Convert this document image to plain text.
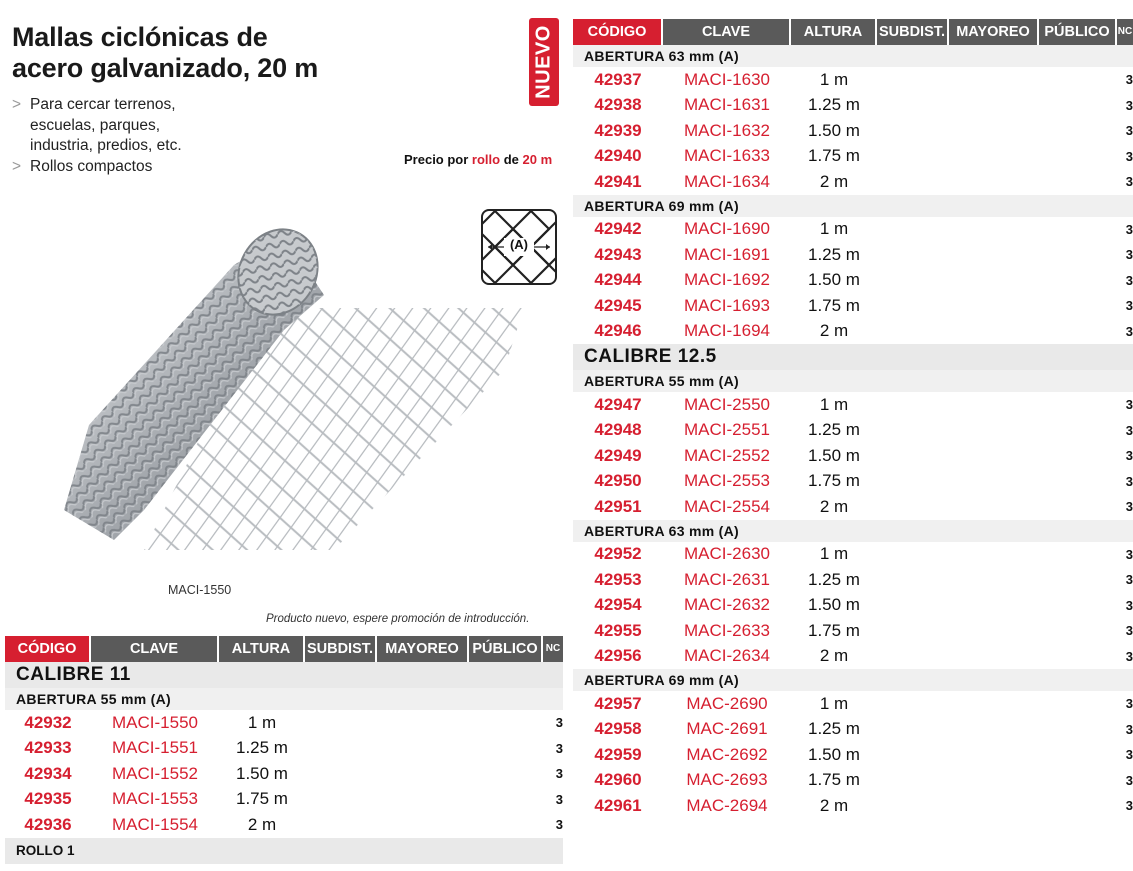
Mallas ciclónicas de
acero galvanizado, 20 m
> Para cercar terrenos,
escuelas, parques,
industria, predios, etc.
> Rollos compactos
NUEVO
Precio por rollo de 20 m
(A)
MACI-1550
Producto nuevo, espere promoción de introducción.
CÓDIGO	CLAVE	ALTURA	SUBDIST. MAYOREO PÚBLICO NC
CALIBRE 11
ABERTURA 55 mm (A)
42932	MACI-1550	1 m	3
42933	MACI-1551	1.25 m	3
42934	MACI-1552	1.50 m	3
42935	MACI-1553	1.75 m	3
42936	MACI-1554	2 m	3
ROLLO 1
CÓDIGO	CLAVE	ALTURA	SUBDIST. MAYOREO	PÚBLICO NC
ABERTURA 63 mm (A)
42937	MACI-1630	1 m	3
42938	MACI-1631	1.25 m	3
42939	MACI-1632	1.50 m	3
42940	MACI-1633	1.75 m	3
42941	MACI-1634	2 m	3
ABERTURA 69 mm (A)
42942	MACI-1690	1 m	3
42943	MACI-1691	1.25 m	3
42944	MACI-1692	1.50 m	3
42945	MACI-1693	1.75 m	3
42946	MACI-1694	2 m	3
CALIBRE 12.5
ABERTURA 55 mm (A)
42947	MACI-2550	1 m	3
42948	MACI-2551	1.25 m	3
42949	MACI-2552	1.50 m	3
42950	MACI-2553	1.75 m	3
42951	MACI-2554	2 m	3
ABERTURA 63 mm (A)
42952	MACI-2630	1 m	3
42953	MACI-2631	1.25 m	3
42954	MACI-2632	1.50 m	3
42955	MACI-2633	1.75 m	3
42956	MACI-2634	2 m	3
ABERTURA 69 mm (A)
42957	MAC-2690	1 m	3
42958	MAC-2691	1.25 m	3
42959	MAC-2692	1.50 m	3
42960	MAC-2693	1.75 m	3
42961	MAC-2694	2 m	3
